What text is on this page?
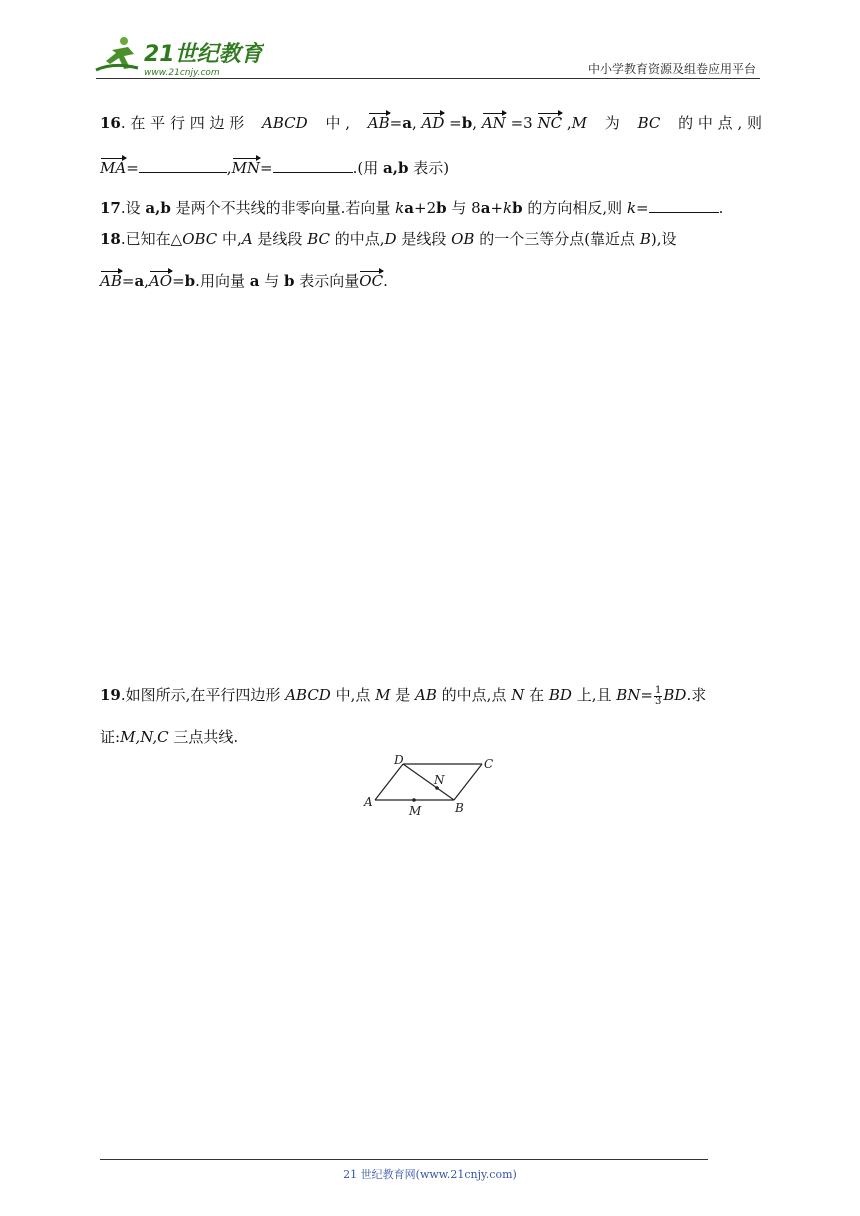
21世纪教育
www.21cnjy.com	中小学教育资源及组卷应用平台
16. 在 平 行 四 边 形 ABCD 中 , AB=a, AD =b, AN =3 NC ,M 为 BC 的 中 点 , 则
MA=	,MN=	.(用 a,b 表示)
17.设 a,b 是两个不共线的非零向量.若向量 ka+2b 与 8a+kb 的方向相反,则 k=	.
18.已知在△OBC 中,A 是线段 BC 的中点,D 是线段 OB 的一个三等分点(靠近点 B),设
AB=a,AO=b.用向量 a 与 b 表示向量OC.
19.如图所示,在平行四边形 ABCD 中,点 M 是 AB 的中点,点 N 在 BD 上,且 $BN= \frac{1}{3}$ BD.求
证:M,N,C 三点共线.
A	B
C
D
M
N
21 世纪教育网(www.21cnjy.com)
